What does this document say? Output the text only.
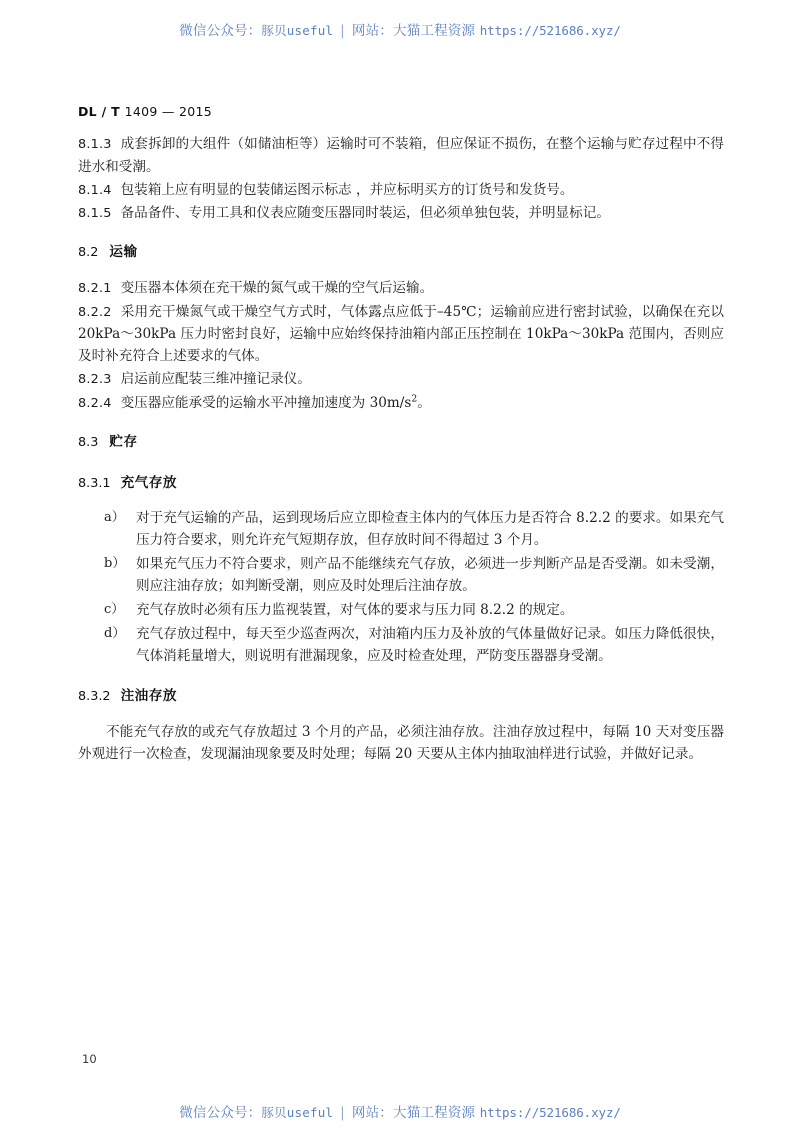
微信公众号：豚贝useful | 网站：大猫工程资源 https://521686.xyz/

DL / T 1409 — 2015

8.1.3 成套拆卸的大组件（如储油柜等）运输时可不装箱，但应保证不损伤，在整个运输与贮存过程中不得进水和受潮。

8.1.4 包装箱上应有明显的包装储运图示标志 ，并应标明买方的订货号和发货号。

8.1.5 备品备件、专用工具和仪表应随变压器同时装运，但必须单独包装，并明显标记。

8.2 运输

8.2.1 变压器本体须在充干燥的氮气或干燥的空气后运输。

8.2.2 采用充干燥氮气或干燥空气方式时，气体露点应低于–45℃；运输前应进行密封试验，以确保在充以 20kPa～30kPa 压力时密封良好，运输中应始终保持油箱内部正压控制在 10kPa～30kPa 范围内，否则应及时补充符合上述要求的气体。

8.2.3 启运前应配装三维冲撞记录仪。

8.2.4 变压器应能承受的运输水平冲撞加速度为 $30m/s^2$。

8.3 贮存
8.3.1 充气存放
a） 对于充气运输的产品，运到现场后应立即检查主体内的气体压力是否符合 8.2.2 的要求。如果充气压力符合要求，则允许充气短期存放，但存放时间不得超过 3 个月。
b） 如果充气压力不符合要求，则产品不能继续充气存放，必须进一步判断产品是否受潮。如未受潮，则应注油存放；如判断受潮，则应及时处理后注油存放。
c） 充气存放时必须有压力监视装置，对气体的要求与压力同 8.2.2 的规定。
d） 充气存放过程中，每天至少巡查两次，对油箱内压力及补放的气体量做好记录。如压力降低很快，气体消耗量增大，则说明有泄漏现象，应及时检查处理，严防变压器器身受潮。
8.3.2 注油存放

不能充气存放的或充气存放超过 3 个月的产品，必须注油存放。注油存放过程中，每隔 10 天对变压器外观进行一次检查，发现漏油现象要及时处理；每隔 20 天要从主体内抽取油样进行试验，并做好记录。

10
微信公众号：豚贝useful | 网站：大猫工程资源 https://521686.xyz/
